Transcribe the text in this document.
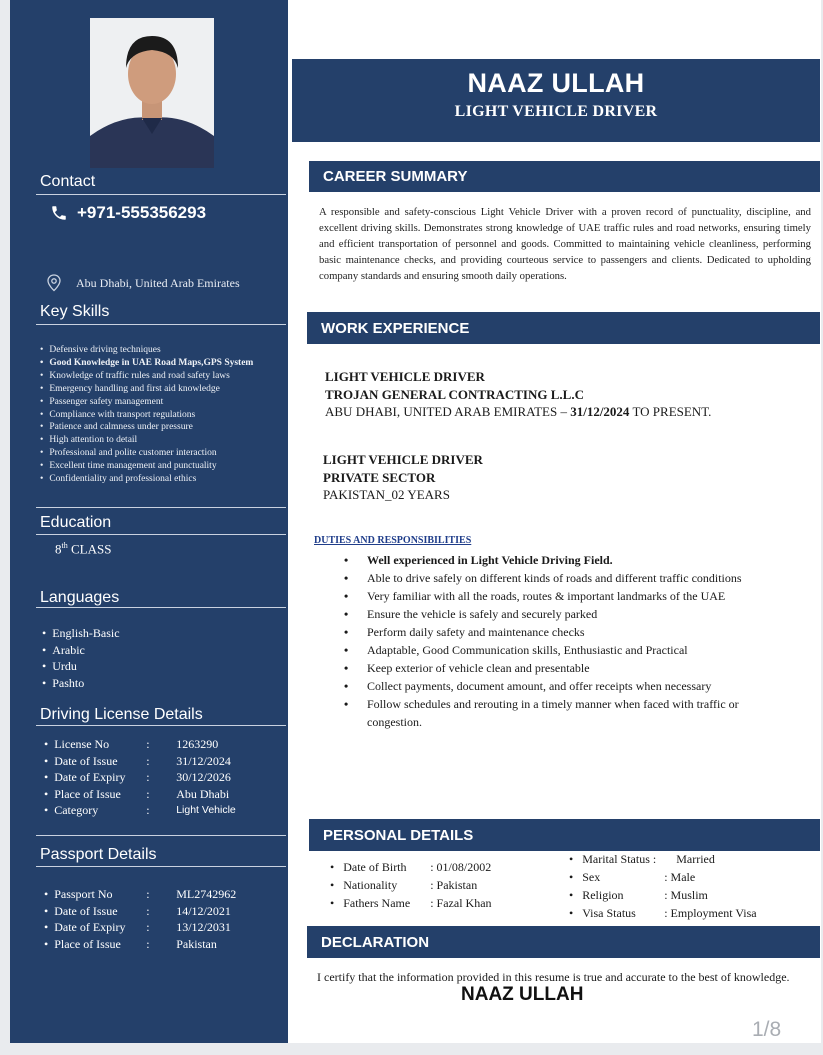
Contact
+971-555356293
Abu Dhabi, United Arab Emirates
Key Skills
• Defensive driving techniques
• Good Knowledge in UAE Road Maps,GPS System
• Knowledge of traffic rules and road safety laws
• Emergency handling and first aid knowledge
• Passenger safety management
• Compliance with transport regulations
• Patience and calmness under pressure
• High attention to detail
• Professional and polite customer interaction
• Excellent time management and punctuality
• Confidentiality and professional ethics
Education
8th CLASS
Languages
• English-Basic
• Arabic
• Urdu
• Pashto
Driving License Details
• License No	:	1263290
• Date of Issue	:	31/12/2024
• Date of Expiry	:	30/12/2026
• Place of Issue	:	Abu Dhabi
• Category	:	Light Vehicle
Passport Details
• Passport No	:	ML2742962
• Date of Issue	:	14/12/2021
• Date of Expiry	:	13/12/2031
• Place of Issue	:	Pakistan
NAAZ ULLAH
LIGHT VEHICLE DRIVER
CAREER SUMMARY
A responsible and safety-conscious Light Vehicle Driver with a proven record of punctuality, discipline, and excellent driving skills. Demonstrates strong knowledge of UAE traffic rules and road networks, ensuring timely and efficient transportation of personnel and goods. Committed to maintaining vehicle cleanliness, performing basic maintenance checks, and providing courteous service to passengers and clients. Dedicated to upholding company standards and ensuring smooth daily operations.
WORK EXPERIENCE
LIGHT VEHICLE DRIVER
TROJAN GENERAL CONTRACTING L.L.C
ABU DHABI, UNITED ARAB EMIRATES – 31/12/2024 TO PRESENT.
LIGHT VEHICLE DRIVER
PRIVATE SECTOR
PAKISTAN_02 YEARS
DUTIES AND RESPONSIBILITIES
• Well experienced in Light Vehicle Driving Field.
• Able to drive safely on different kinds of roads and different traffic conditions
• Very familiar with all the roads, routes & important landmarks of the UAE
• Ensure the vehicle is safely and securely parked
• Perform daily safety and maintenance checks
• Adaptable, Good Communication skills, Enthusiastic and Practical
• Keep exterior of vehicle clean and presentable
• Collect payments, document amount, and offer receipts when necessary
• Follow schedules and rerouting in a timely manner when faced with traffic or congestion.
PERSONAL DETAILS
• Date of Birth	: 01/08/2002
• Nationality	: Pakistan
• Fathers Name	: Fazal Khan
• Marital Status :	Married
• Sex	: Male
• Religion	: Muslim
• Visa Status	: Employment Visa
DECLARATION
I certify that the information provided in this resume is true and accurate to the best of knowledge.
NAAZ ULLAH
1/8
